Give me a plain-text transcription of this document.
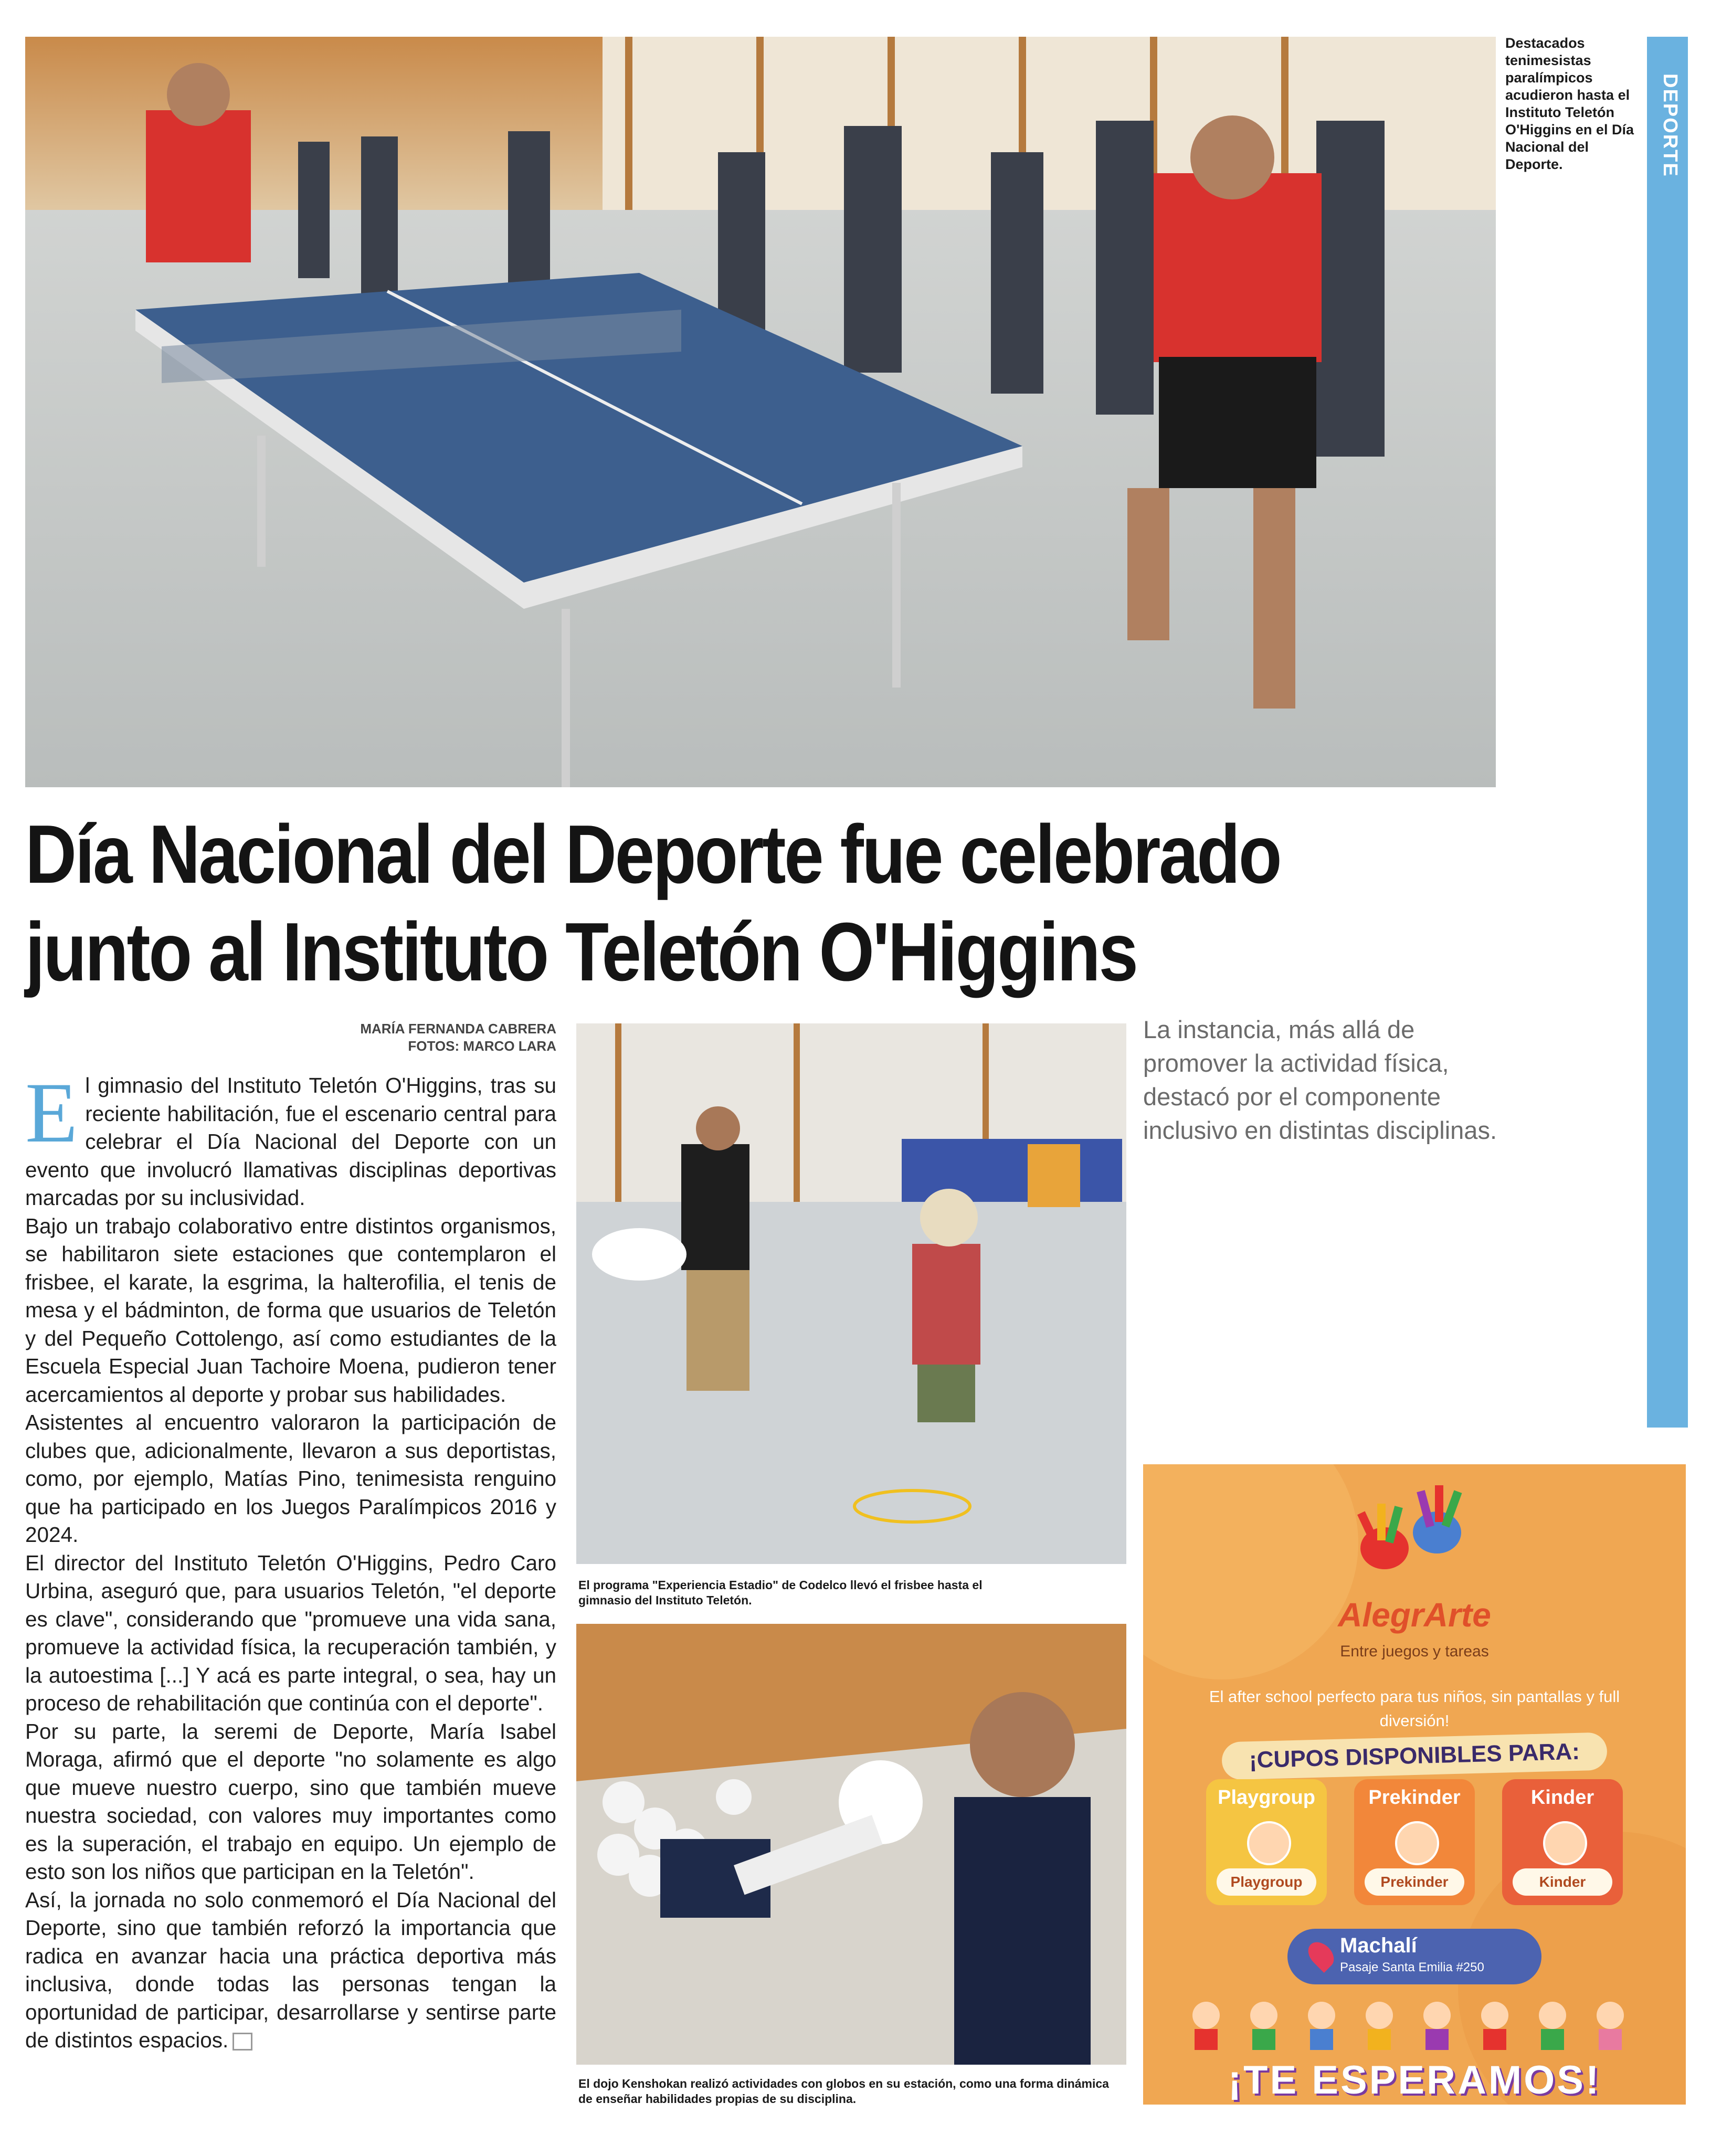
DEPORTE
Destacados tenimesistas paralímpicos acudieron hasta el Instituto Teletón O'Higgins en el Día Nacional del Deporte.
Día Nacional del Deporte fue celebrado junto al Instituto Teletón O'Higgins
MARÍA FERNANDA CABRERA
FOTOS: MARCO LARA

El gimnasio del Instituto Teletón O'Higgins, tras su reciente habilitación, fue el escenario central para celebrar el Día Nacional del Deporte con un evento que involucró llamativas disciplinas deportivas marcadas por su inclusividad.

Bajo un trabajo colaborativo entre distintos organismos, se habilitaron siete estaciones que contemplaron el frisbee, el karate, la esgrima, la halterofilia, el tenis de mesa y el bádminton, de forma que usuarios de Teletón y del Pequeño Cottolengo, así como estudiantes de la Escuela Especial Juan Tachoire Moena, pudieron tener acercamientos al deporte y probar sus habilidades.

Asistentes al encuentro valoraron la participación de clubes que, adicionalmente, llevaron a sus deportistas, como, por ejemplo, Matías Pino, tenimesista renguino que ha participado en los Juegos Paralímpicos 2016 y 2024.

El director del Instituto Teletón O'Higgins, Pedro Caro Urbina, aseguró que, para usuarios Teletón, "el deporte es clave", considerando que "promueve una vida sana, promueve la actividad física, la recuperación también, y la autoestima [...] Y acá es parte integral, o sea, hay un proceso de rehabilitación que continúa con el deporte".

Por su parte, la seremi de Deporte, María Isabel Moraga, afirmó que el deporte "no solamente es algo que mueve nuestro cuerpo, sino que también mueve nuestra sociedad, con valores muy importantes como es la superación, el trabajo en equipo. Un ejemplo de esto son los niños que participan en la Teletón".

Así, la jornada no solo conmemoró el Día Nacional del Deporte, sino que también reforzó la importancia que radica en avanzar hacia una práctica deportiva más inclusiva, donde todas las personas tengan la oportunidad de participar, desarrollarse y sentirse parte de distintos espacios.

El programa "Experiencia Estadio" de Codelco llevó el frisbee hasta el gimnasio del Instituto Teletón.
El dojo Kenshokan realizó actividades con globos en su estación, como una forma dinámica de enseñar habilidades propias de su disciplina.
La instancia, más allá de promover la actividad física, destacó por el componente inclusivo en distintas disciplinas.
AlegrArte
Entre juegos y tareas
El after school perfecto para tus niños, sin pantallas y full diversión!
¡CUPOS DISPONIBLES PARA:
Playgroup
Playgroup
Prekinder
Prekinder
Kinder
Kinder
Machalí
Pasaje Santa Emilia #250
¡TE ESPERAMOS!
